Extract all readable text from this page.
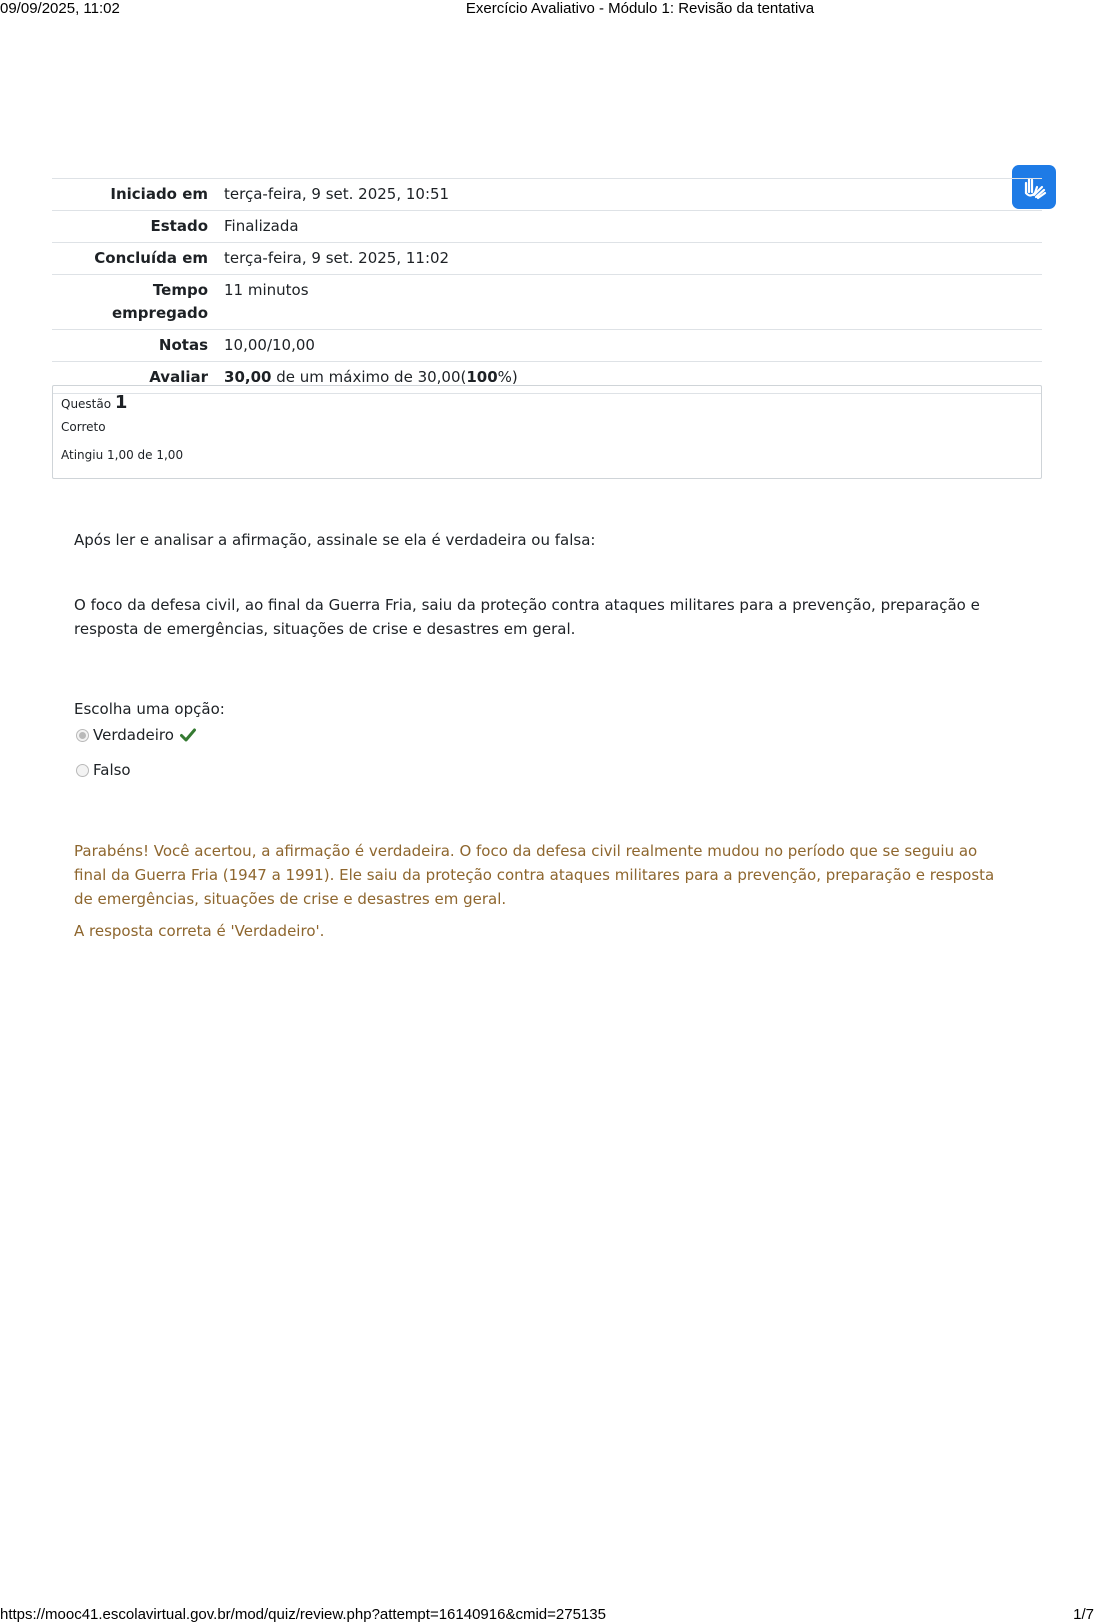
09/09/2025, 11:02	Exercício Avaliativo - Módulo 1: Revisão da tentativa
Iniciado em	terça-feira, 9 set. 2025, 10:51
Estado	Finalizada
Concluída em	terça-feira, 9 set. 2025, 11:02
Tempo empregado	11 minutos
Notas	10,00/10,00
Avaliar	30,00 de um máximo de 30,00(100%)
Questão 1
Correto
Atingiu 1,00 de 1,00
Após ler e analisar a afirmação, assinale se ela é verdadeira ou falsa:
O foco da defesa civil, ao final da Guerra Fria, saiu da proteção contra ataques militares para a prevenção, preparação e resposta de emergências, situações de crise e desastres em geral.
Escolha uma opção:
Verdadeiro
Falso
Parabéns! Você acertou, a afirmação é verdadeira. O foco da defesa civil realmente mudou no período que se seguiu ao final da Guerra Fria (1947 a 1991). Ele saiu da proteção contra ataques militares para a prevenção, preparação e resposta de emergências, situações de crise e desastres em geral.
A resposta correta é 'Verdadeiro'.
https://mooc41.escolavirtual.gov.br/mod/quiz/review.php?attempt=16140916&cmid=275135	1/7
